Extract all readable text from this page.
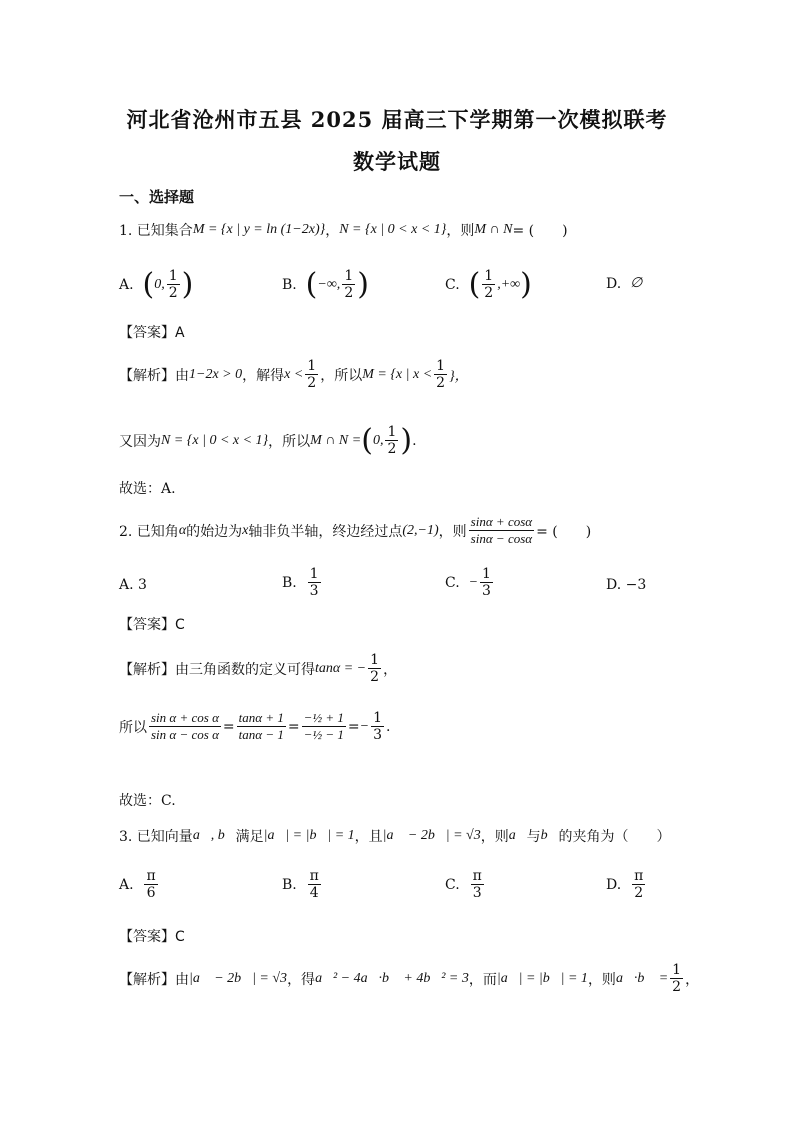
河北省沧州市五县 2025 届高三下学期第一次模拟联考
数学试题
一、选择题
1. 已知集合 M = {x | y = ln (1−2x)} ， N = {x | 0 < x < 1} ，则 M ∩ N = (　　)
A.
( 0, $\frac{1}{2}$ )	B.
( −∞, $\frac{1}{2}$ )	C.
( $\frac{1}{2}$ ,+∞ )	D.
∅
【答案】A
【解析】由 1−2x > 0 ，解得 $x < \frac{1}{2}$ ，所以 M = {x | $x < \frac{1}{2}$ }，
又因为 N = {x | 0 < x < 1} ，所以 M ∩ N = ( 0, $\frac{1}{2}$ ) .
故选：A.
2. 已知角 α 的始边为 x 轴非负半轴，终边经过点 (2,−1) ，则 $\frac{\sin\alpha + \cos\alpha}{\sin\alpha - \cos\alpha}$ = (　　)
A. 3	B.
$\frac{1}{3}$	C.
− $\frac{1}{3}$	D. −3
【答案】C
【解析】由三角函数的定义可得 tanα = − $\frac{1}{2}$ ，
所以 $\frac{\text{sin α + cos α}}{\text{sin α − cos α}} = \frac{\tan\alpha + 1}{\tan\alpha - 1} = \frac{\text{−½ + 1}}{\text{−½ − 1}}$ = − $\frac{1}{3}$ .
故选：C.
3. 已知向量 a⃗, b⃗ 满足 |a⃗| = |b⃗| = 1 ，且 |a⃗ − 2b⃗| = √3 ，则 a⃗ 与 b⃗ 的夹角为（　　）
A.
$\frac{\pi}{6}$	B.
$\frac{\pi}{4}$	C.
$\frac{\pi}{3}$	D.
$\frac{\pi}{2}$
【答案】C
【解析】由 |a⃗ − 2b⃗| = √3 ，得 a⃗² − 4a⃗·b⃗ + 4b⃗² = 3 ，而 |a⃗| = |b⃗| = 1 ，则 a⃗·b⃗ = $\frac{1}{2}$ ，
